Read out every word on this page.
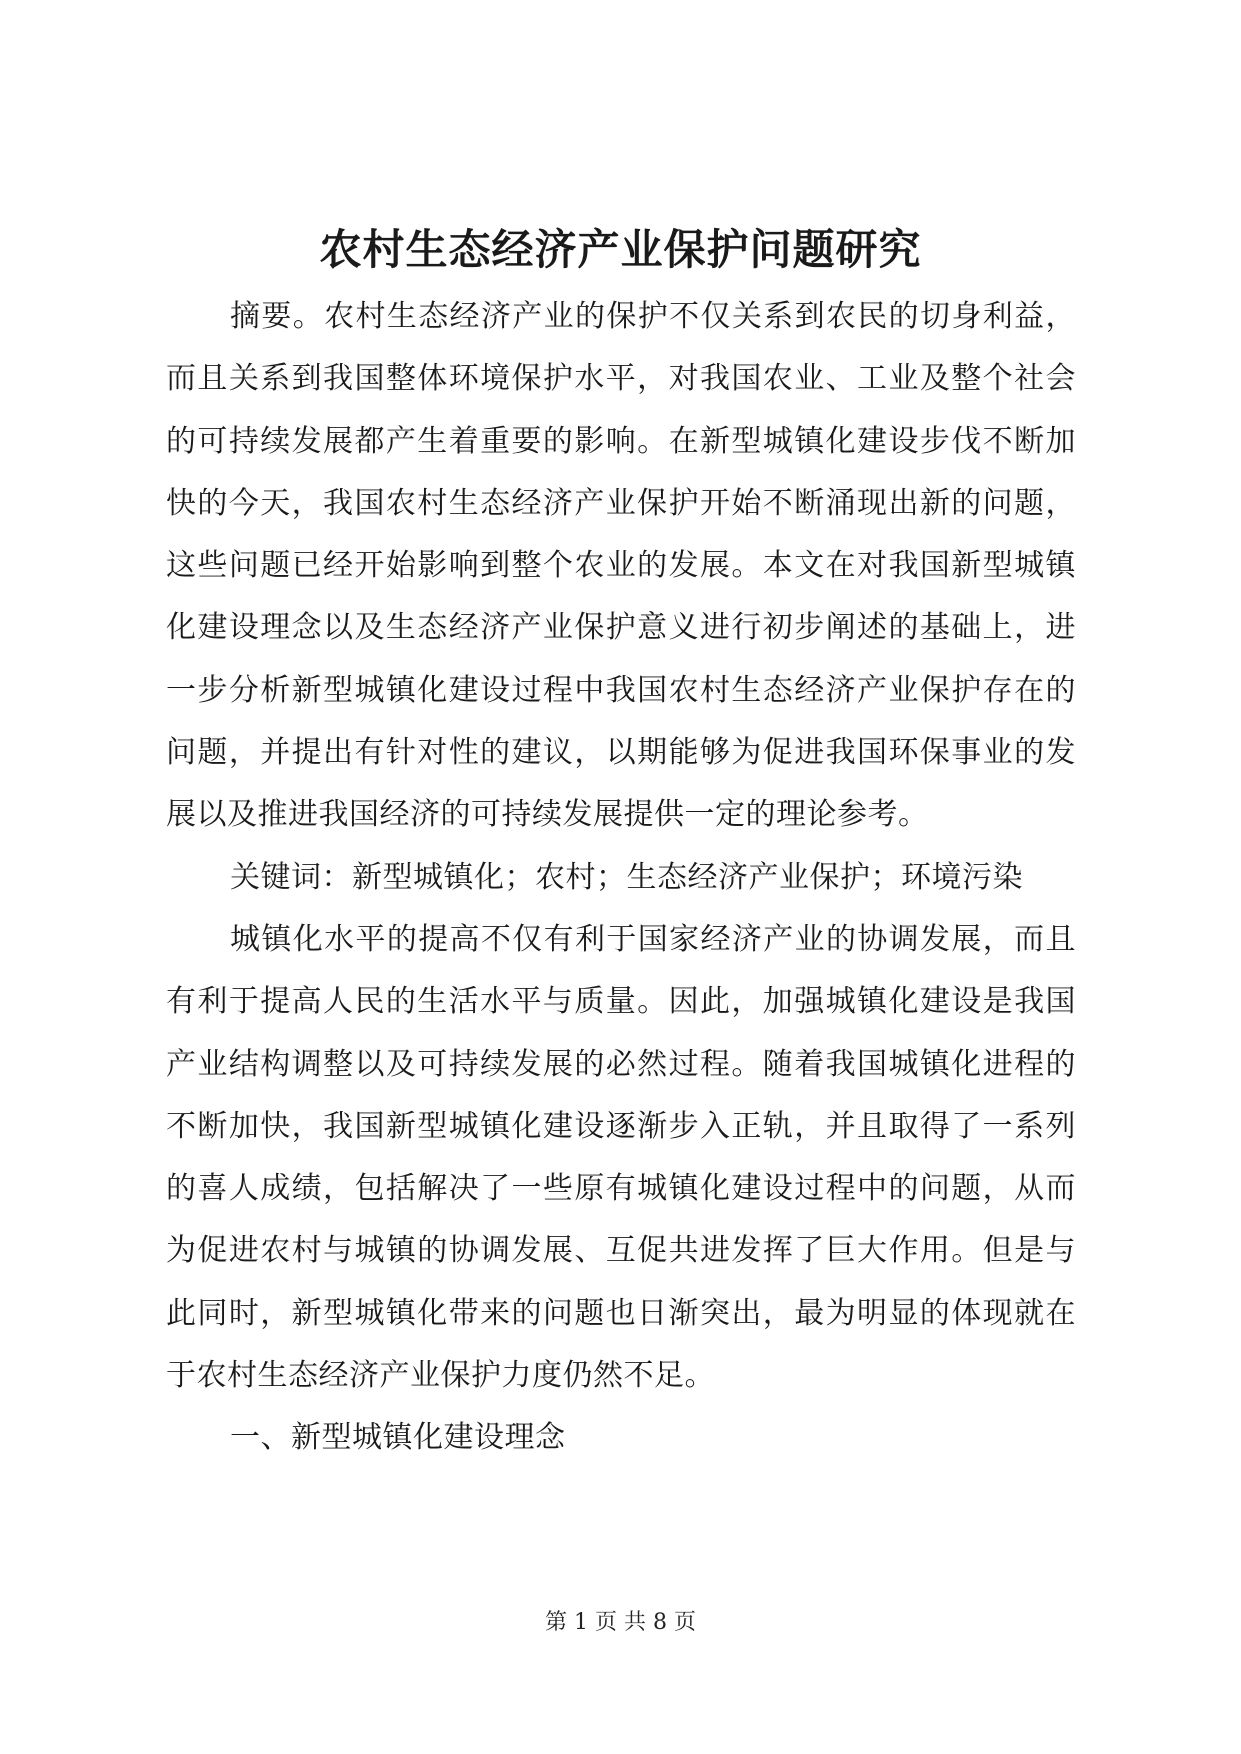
农村生态经济产业保护问题研究

摘要。农村生态经济产业的保护不仅关系到农民的切身利益，而且关系到我国整体环境保护水平，对我国农业、工业及整个社会的可持续发展都产生着重要的影响。在新型城镇化建设步伐不断加快的今天，我国农村生态经济产业保护开始不断涌现出新的问题，这些问题已经开始影响到整个农业的发展。本文在对我国新型城镇化建设理念以及生态经济产业保护意义进行初步阐述的基础上，进一步分析新型城镇化建设过程中我国农村生态经济产业保护存在的问题，并提出有针对性的建议，以期能够为促进我国环保事业的发展以及推进我国经济的可持续发展提供一定的理论参考。

关键词：新型城镇化；农村；生态经济产业保护；环境污染

城镇化水平的提高不仅有利于国家经济产业的协调发展，而且有利于提高人民的生活水平与质量。因此，加强城镇化建设是我国产业结构调整以及可持续发展的必然过程。随着我国城镇化进程的不断加快，我国新型城镇化建设逐渐步入正轨，并且取得了一系列的喜人成绩，包括解决了一些原有城镇化建设过程中的问题，从而为促进农村与城镇的协调发展、互促共进发挥了巨大作用。但是与此同时，新型城镇化带来的问题也日渐突出，最为明显的体现就在于农村生态经济产业保护力度仍然不足。

一、新型城镇化建设理念

第 1 页 共 8 页
